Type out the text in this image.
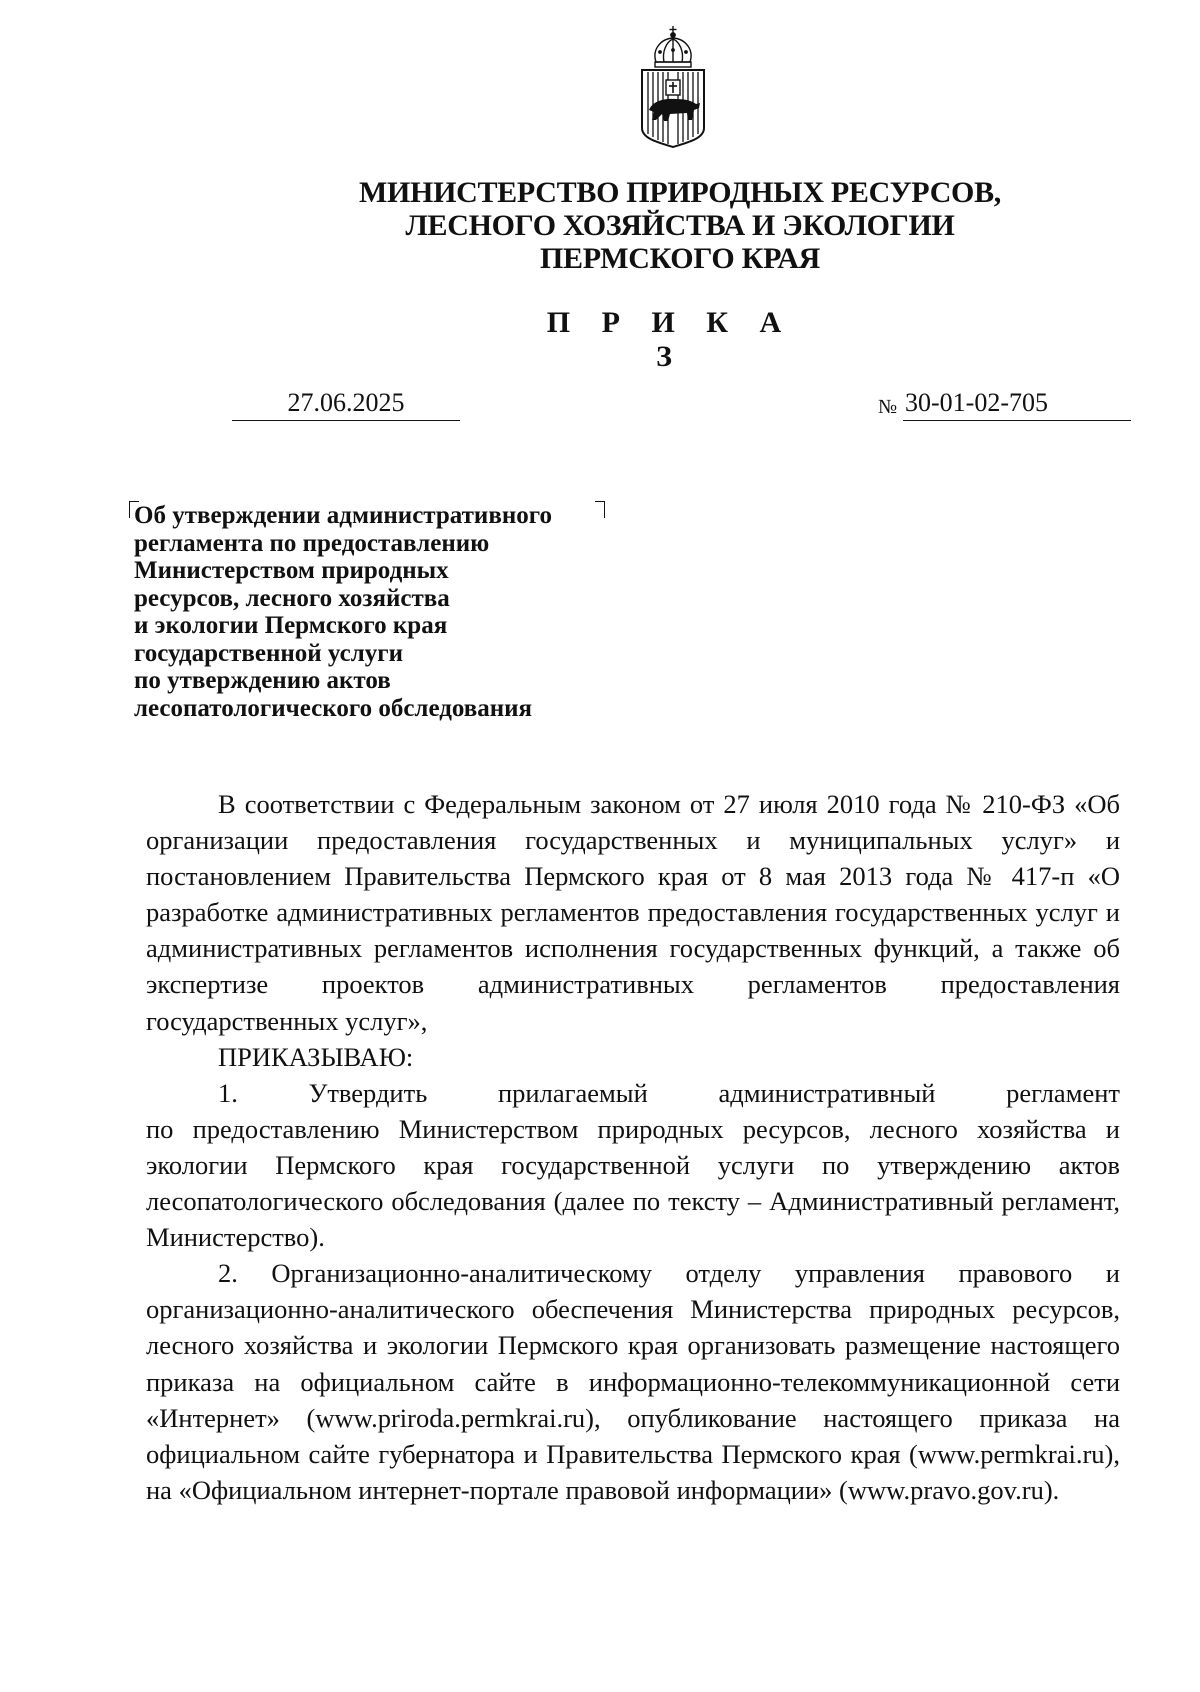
МИНИСТЕРСТВО ПРИРОДНЫХ РЕСУРСОВ,
ЛЕСНОГО ХОЗЯЙСТВА И ЭКОЛОГИИ
ПЕРМСКОГО КРАЯ
П Р И К А З
27.06.2025	№ 30-01-02-705
Об утверждении административного
регламента по предоставлению
Министерством природных
ресурсов, лесного хозяйства
и экологии Пермского края
государственной услуги
по утверждению актов
лесопатологического обследования
В соответствии с Федеральным законом от 27 июля 2010 года № 210-ФЗ «Об организации предоставления государственных и муниципальных услуг» и постановлением Правительства Пермского края от 8 мая 2013 года № 417-п «О разработке административных регламентов предоставления государственных услуг и административных регламентов исполнения государственных функций, а также об экспертизе проектов административных регламентов предоставления государственных услуг»,
ПРИКАЗЫВАЮ:
1. Утвердить прилагаемый административный регламент
по предоставлению Министерством природных ресурсов, лесного хозяйства и экологии Пермского края государственной услуги по утверждению актов лесопатологического обследования (далее по тексту – Административный регламент, Министерство).
2. Организационно-аналитическому отделу управления правового и организационно-аналитического обеспечения Министерства природных ресурсов, лесного хозяйства и экологии Пермского края организовать размещение настоящего приказа на официальном сайте в информационно-телекоммуникационной сети «Интернет» (www.priroda.permkrai.ru), опубликование настоящего приказа на официальном сайте губернатора и Правительства Пермского края (www.permkrai.ru), на «Официальном интернет-портале правовой информации» (www.pravo.gov.ru).
